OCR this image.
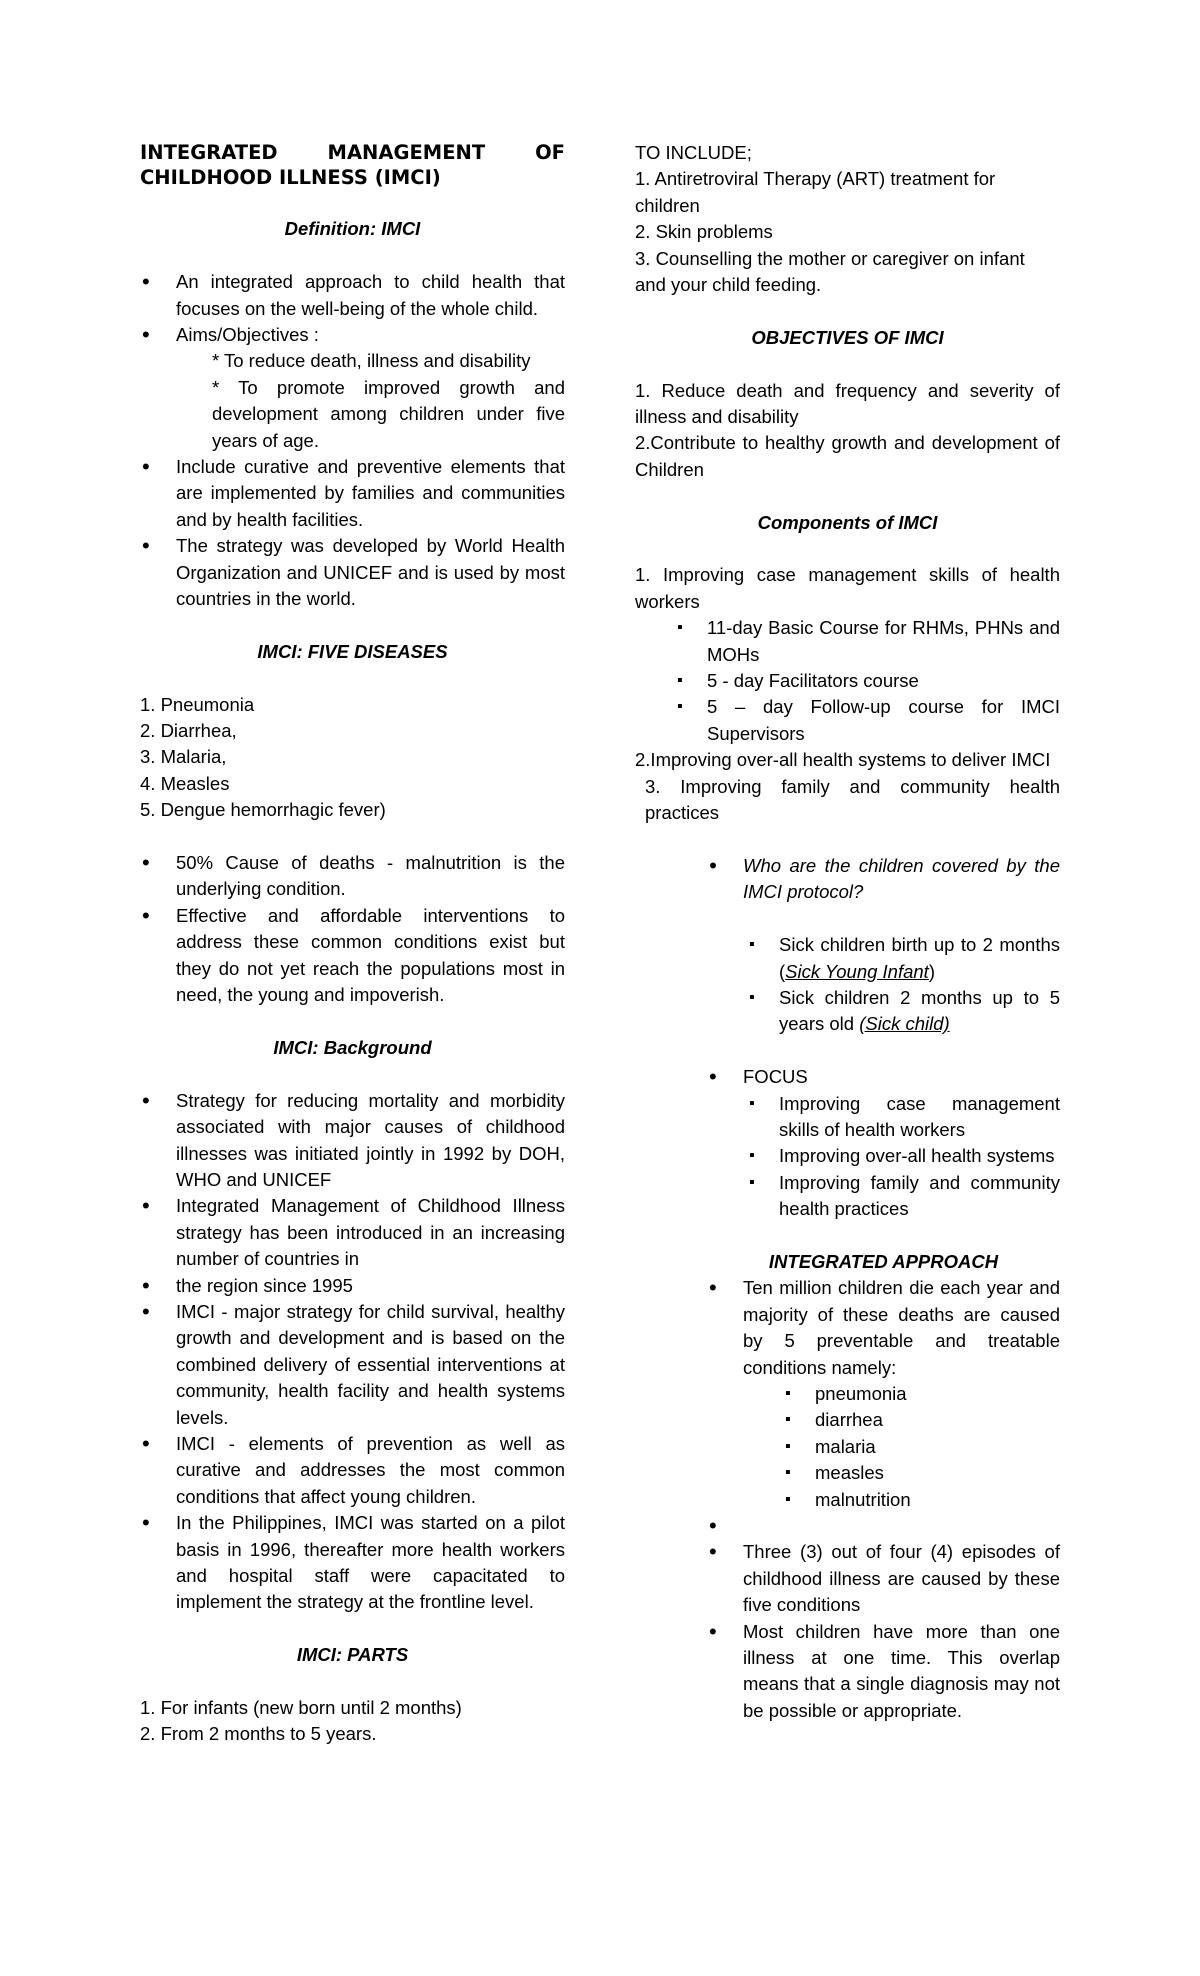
INTEGRATED MANAGEMENT OF CHILDHOOD ILLNESS (IMCI)

Definition: IMCI

• An integrated approach to child health that focuses on the well-being of the whole child.
• Aims/Objectives :
* To reduce death, illness and disability
* To promote improved growth and development among children under five years of age.
• Include curative and preventive elements that are implemented by families and communities and by health facilities.
• The strategy was developed by World Health Organization and UNICEF and is used by most countries in the world.

IMCI: FIVE DISEASES

1. Pneumonia

2. Diarrhea,

3. Malaria,

4. Measles

5. Dengue hemorrhagic fever)

• 50% Cause of deaths - malnutrition is the underlying condition.
• Effective and affordable interventions to address these common conditions exist but they do not yet reach the populations most in need, the young and impoverish.

IMCI: Background

• Strategy for reducing mortality and morbidity associated with major causes of childhood illnesses was initiated jointly in 1992 by DOH, WHO and UNICEF
• Integrated Management of Childhood Illness strategy has been introduced in an increasing number of countries in
• the region since 1995
• IMCI - major strategy for child survival, healthy growth and development and is based on the combined delivery of essential interventions at community, health facility and health systems levels.
• IMCI - elements of prevention as well as curative and addresses the most common conditions that affect young children.
• In the Philippines, IMCI was started on a pilot basis in 1996, thereafter more health workers and hospital staff were capacitated to implement the strategy at the frontline level.

IMCI: PARTS

1. For infants (new born until 2 months)

2. From 2 months to 5 years.

TO INCLUDE;

1. Antiretroviral Therapy (ART) treatment for children

2. Skin problems

3. Counselling the mother or caregiver on infant and your child feeding.

OBJECTIVES OF IMCI

1. Reduce death and frequency and severity of illness and disability

2.Contribute to healthy growth and development of Children

Components of IMCI

1. Improving case management skills of health workers

▪ 11-day Basic Course for RHMs, PHNs and MOHs
▪ 5 - day Facilitators course
▪ 5 – day Follow-up course for IMCI Supervisors

2.Improving over-all health systems to deliver IMCI

3. Improving family and community health practices

• Who are the children covered by the IMCI protocol?
▪ Sick children birth up to 2 months (Sick Young Infant)
▪ Sick children 2 months up to 5 years old (Sick child)
• FOCUS
▪ Improving case management skills of health workers
▪ Improving over-all health systems
▪ Improving family and community health practices

INTEGRATED APPROACH

• Ten million children die each year and majority of these deaths are caused by 5 preventable and treatable conditions namely:
▪ pneumonia
▪ diarrhea
▪ malaria
▪ measles
▪ malnutrition
•
• Three (3) out of four (4) episodes of childhood illness are caused by these five conditions
• Most children have more than one illness at one time. This overlap means that a single diagnosis may not be possible or appropriate.
